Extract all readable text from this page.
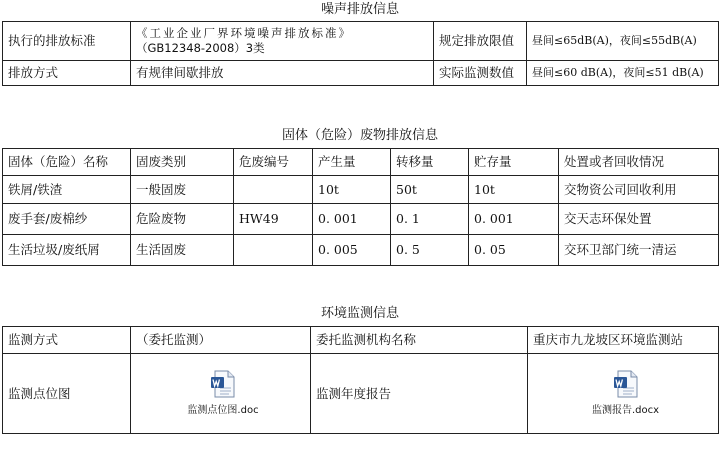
噪声排放信息
执行的排放标准	《工业企业厂界环境噪声排放标准》
（GB12348-2008）3类	规定排放限值	昼间≤65dB(A)，夜间≤55dB(A)
排放方式	有规律间歇排放	实际监测数值	昼间≤60 dB(A)，夜间≤51 dB(A)
固体（危险）废物排放信息
固体（危险）名称	固废类别	危废编号	产生量	转移量	贮存量	处置或者回收情况
铁屑/铁渣	一般固废		10t	50t	10t	交物资公司回收利用
废手套/废棉纱	危险废物	HW49	0. 001	0. 1	0. 001	交天志环保处置
生活垃圾/废纸屑	生活固废		0. 005	0. 5	0. 05	交环卫部门统一清运
环境监测信息
监测方式	（委托监测）	委托监测机构名称	重庆市九龙坡区环境监测站
监测点位图	监测点位图.doc	监测年度报告	监测报告.docx
